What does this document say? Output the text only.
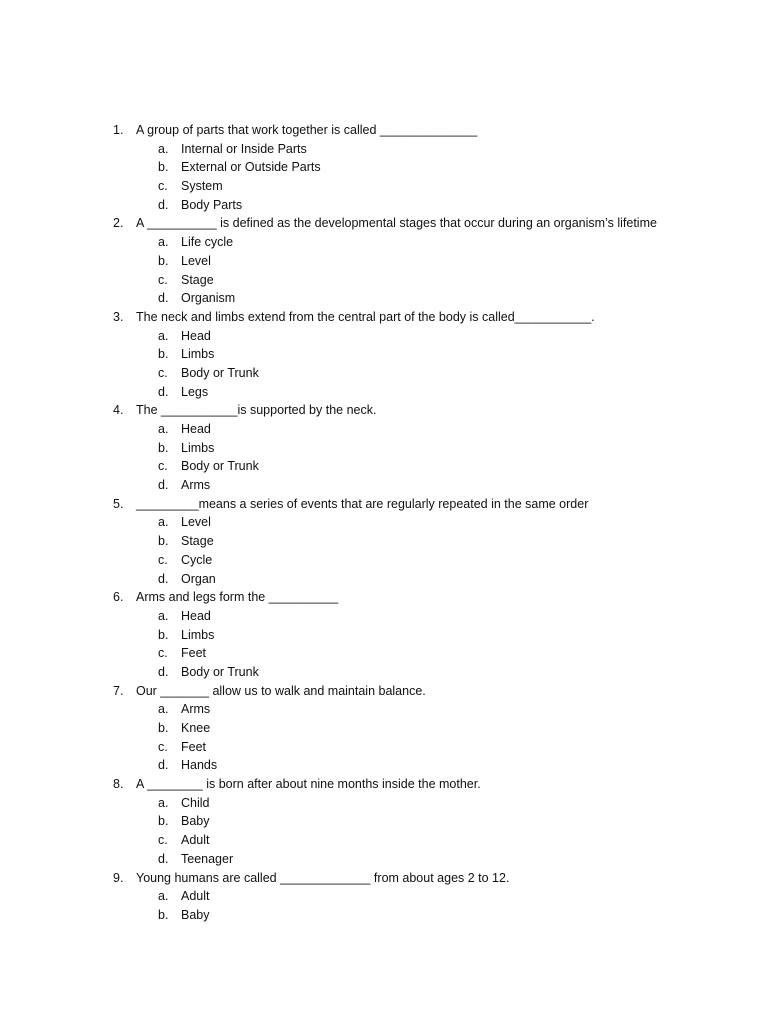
1. A group of parts that work together is called ______________
a. Internal or Inside Parts
b. External or Outside Parts
c. System
d. Body Parts
2. A __________ is defined as the developmental stages that occur during an organism’s lifetime
a. Life cycle
b. Level
c. Stage
d. Organism
3. The neck and limbs extend from the central part of the body is called___________.
a. Head
b. Limbs
c. Body or Trunk
d. Legs
4. The ___________is supported by the neck.
a. Head
b. Limbs
c. Body or Trunk
d. Arms
5. _________means a series of events that are regularly repeated in the same order
a. Level
b. Stage
c. Cycle
d. Organ
6. Arms and legs form the __________
a. Head
b. Limbs
c. Feet
d. Body or Trunk
7. Our _______ allow us to walk and maintain balance.
a. Arms
b. Knee
c. Feet
d. Hands
8. A ________ is born after about nine months inside the mother.
a. Child
b. Baby
c. Adult
d. Teenager
9. Young humans are called _____________ from about ages 2 to 12.
a. Adult
b. Baby
